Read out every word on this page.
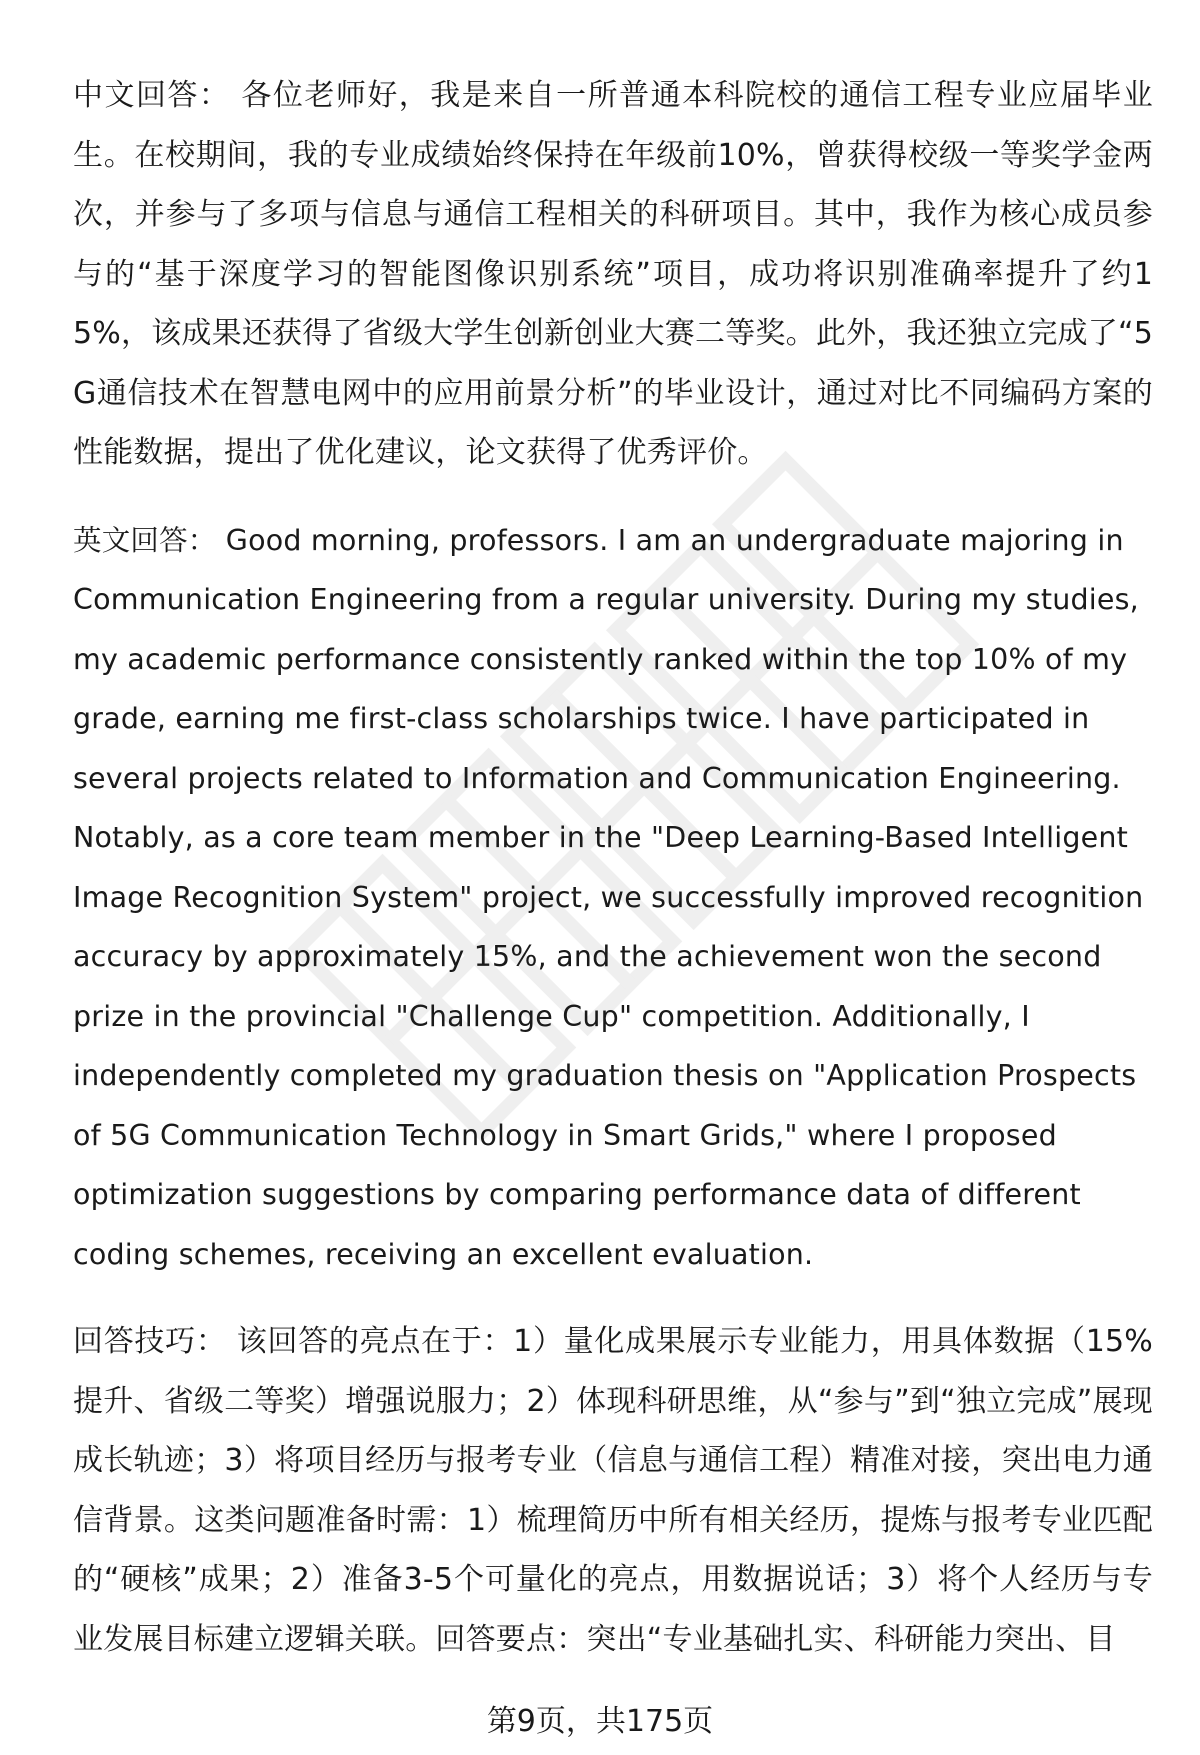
中文回答： 各位老师好，我是来自一所普通本科院校的通信工程专业应届毕业生。在校期间，我的专业成绩始终保持在年级前10%，曾获得校级一等奖学金两次，并参与了多项与信息与通信工程相关的科研项目。其中，我作为核心成员参与的“基于深度学习的智能图像识别系统”项目，成功将识别准确率提升了约15%，该成果还获得了省级大学生创新创业大赛二等奖。此外，我还独立完成了“5G通信技术在智慧电网中的应用前景分析”的毕业设计，通过对比不同编码方案的性能数据，提出了优化建议，论文获得了优秀评价。

英文回答： Good morning, professors. I am an undergraduate majoring in Communication Engineering from a regular university. During my studies, my academic performance consistently ranked within the top 10% of my grade, earning me first-class scholarships twice. I have participated in several projects related to Information and Communication Engineering. Notably, as a core team member in the "Deep Learning-Based Intelligent Image Recognition System" project, we successfully improved recognition accuracy by approximately 15%, and the achievement won the second prize in the provincial "Challenge Cup" competition. Additionally, I independently completed my graduation thesis on "Application Prospects of 5G Communication Technology in Smart Grids," where I proposed optimization suggestions by comparing performance data of different coding schemes, receiving an excellent evaluation.

回答技巧： 该回答的亮点在于：1）量化成果展示专业能力，用具体数据（15%提升、省级二等奖）增强说服力；2）体现科研思维，从“参与”到“独立完成”展现成长轨迹；3）将项目经历与报考专业（信息与通信工程）精准对接，突出电力通信背景。这类问题准备时需：1）梳理简历中所有相关经历，提炼与报考专业匹配的“硬核”成果；2）准备3-5个可量化的亮点，用数据说话；3）将个人经历与专业发展目标建立逻辑关联。回答要点：突出“专业基础扎实、科研能力突出、目

第9页，共175页
